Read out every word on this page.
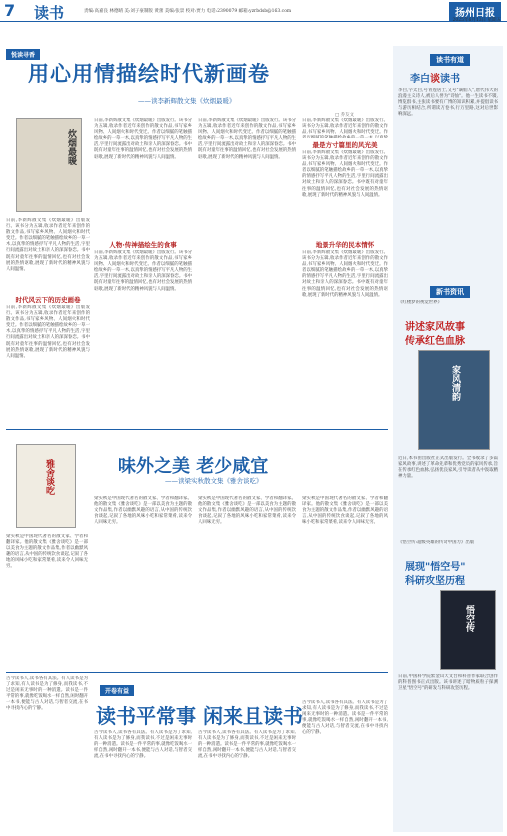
7 读书	责编:高嘉良 林德晴 美:刘子豪制版 黄蕾 美编:张景 校对:贾力 电话:2390079 邮箱:yzrbdsb@163.com	扬州日报
2025年6月13日 星期五
悦读寻香
用心用情描绘时代新画卷
——读李新辉散文集《炊烟最暖》
□ 乔友文
炊烟最暖
日前,李新辉散文集《炊烟最暖》出版发行。该书分为五辑,收录作者近年来创作的散文作品,书写家乡风物、人间烟火和时代变迁。作者以细腻的笔触描绘故乡的一草一木,以真挚的情感抒写平凡人物的生活,字里行间流露出对故土和亲人的深深眷恋。书中既有对童年往事的温情回忆,也有对社会发展的热情讴歌,展现了新时代的精神风貌与人间温情。
时代风云下的历史画卷
日前,李新辉散文集《炊烟最暖》出版发行。该书分为五辑,收录作者近年来创作的散文作品,书写家乡风物、人间烟火和时代变迁。作者以细腻的笔触描绘故乡的一草一木,以真挚的情感抒写平凡人物的生活,字里行间流露出对故土和亲人的深深眷恋。书中既有对童年往事的温情回忆,也有对社会发展的热情讴歌,展现了新时代的精神风貌与人间温情。
日前,李新辉散文集《炊烟最暖》出版发行。该书分为五辑,收录作者近年来创作的散文作品,书写家乡风物、人间烟火和时代变迁。作者以细腻的笔触描绘故乡的一草一木,以真挚的情感抒写平凡人物的生活,字里行间流露出对故土和亲人的深深眷恋。书中既有对童年往事的温情回忆,也有对社会发展的热情讴歌,展现了新时代的精神风貌与人间温情。
人物·传神描绘生的食事
日前,李新辉散文集《炊烟最暖》出版发行。该书分为五辑,收录作者近年来创作的散文作品,书写家乡风物、人间烟火和时代变迁。作者以细腻的笔触描绘故乡的一草一木,以真挚的情感抒写平凡人物的生活,字里行间流露出对故土和亲人的深深眷恋。书中既有对童年往事的温情回忆,也有对社会发展的热情讴歌,展现了新时代的精神风貌与人间温情。
日前,李新辉散文集《炊烟最暖》出版发行。该书分为五辑,收录作者近年来创作的散文作品,书写家乡风物、人间烟火和时代变迁。作者以细腻的笔触描绘故乡的一草一木,以真挚的情感抒写平凡人物的生活,字里行间流露出对故土和亲人的深深眷恋。书中既有对童年往事的温情回忆,也有对社会发展的热情讴歌,展现了新时代的精神风貌与人间温情。
日前,李新辉散文集《炊烟最暖》出版发行。该书分为五辑,收录作者近年来创作的散文作品,书写家乡风物、人间烟火和时代变迁。作
最是方寸篇里的风光美
日前,李新辉散文集《炊烟最暖》出版发行。该书分为五辑,收录作者近年来创作的散文作品,书写家乡风物、人间烟火和时代变迁。作者以细腻的笔触描绘故乡的一草一木,以真挚的情感抒写平凡人物的生活,字里行间流露出对故土和亲人的深深眷恋。书中既有对童年往事的温情回忆,也有对社会发展的热情讴歌,展现了新时代的精神风貌与人间温情。
地景升华的民本情怀
日前,李新辉散文集《炊烟最暖》出版发行。该书分为五辑,收录作者近年来创作的散文作品,书写家乡风物、人间烟火和时代变迁。作者以细腻的笔触描绘故乡的一草一木,以真挚的情感抒写平凡人物的生活,字里行间流露出对故土和亲人的深深眷恋。书中既有对童年往事的温情回忆,也有对社会发展的热情讴歌,展现了新时代的精神风貌与人间温情。
雅舍谈吃	味外之美 老少咸宜
——读梁实秋散文集《雅舍谈吃》
梁实秋是中国现代著名的散文家、学者和翻译家。他的散文集《雅舍谈吃》是一部以美食为主题的散文作品集,作者以幽默风趣的语言,从中国的传统饮食谈起,记叙了各地的风味小吃和家常菜肴,读来令人回味无穷。
梁实秋是中国现代著名的散文家、学者和翻译家。他的散文集《雅舍谈吃》是一部以美食为主题的散文作品集,作者以幽默风趣的语言,从中国的传统饮食谈起,记叙了各地的风味小吃和家常菜肴,读来令人回味无穷。
梁实秋是中国现代著名的散文家、学者和翻译家。他的散文集《雅舍谈吃》是一部以美食为主题的散文作品集,作者以幽默风趣的语言,从中国的传统饮食谈起,记叙了各地的风味小吃和家常菜肴,读来令人回味无穷。
梁实秋是中国现代著名的散文家、学者和翻译家。他的散文集《雅舍谈吃》是一部以美食为主题的散文作品集,作者以幽默风趣的语言,从中国的传统饮食谈起,记叙了各地的风味小吃和家常菜肴,读来令人回味无穷。
古今读书人,读书各有其法。有人读书是为了求知,有人读书是为了修身,而我读书,不过是闲来无事时的一种消遣。读书是一件平常的事,就像吃饭喝水一样自然,闲时翻开一本书,便能与古人对话,与智者交流,在书中寻找内心的宁静。
开卷有益
读书平常事 闲来且读书
古今读书人,读书各有其法。有人读书是为了求知,有人读书是为了修身,而我读书,不过是闲来无事时的一种消遣。读书是一件平常的事,就像吃饭喝水一样自然,闲时翻开一本书,便能与古人对话,与智者交流,在书中寻找内心的宁静。
古今读书人,读书各有其法。有人读书是为了求知,有人读书是为了修身,而我读书,不过是闲来无事时的一种消遣。读书是一件平常的事,就像吃饭喝水一样自然,闲时翻开一本书,便能与古人对话,与智者交流,在书中寻找内心的宁静。
古今读书人,读书各有其法。有人读书是为了求知,有人读书是为了修身,而我读书,不过是闲来无事时的一种消遣。读书是一件平常的事,就像吃饭喝水一样自然,闲时翻开一本书,便能与古人对话,与智者交流,在书中寻找内心的宁静。
读书有道
李白谈读书
李白,字太白,号青莲居士,又号"谪仙人",唐代伟大的浪漫主义诗人,被后人誉为"诗仙"。他一生读书不辍,博览群书,主张读书要有广博的知识积累,并提倡读书与游历相结合,所谓读万卷书,行万里路,这对后世影响深远。
新书资讯
《红楼梦的视觉世界》
讲述家风故事
传承红色血脉
家风清韵
近日,本书由出版社正式出版发行。全书收录了多篇家风故事,讲述了革命先辈和优秀党员的家风传承,旨在传承红色血脉,弘扬优良家风,引导读者从中汲取精神力量。
《悟空传:超级英雄的传奇中国力》出版
展现"悟空号"
科研攻坚历程
悟空传
日前,中国科学院紫金山天文台和科普作家联合创作的科普图书正式出版。该书讲述了暗物质粒子探测卫星"悟空号"的研发与科研攻坚历程。
